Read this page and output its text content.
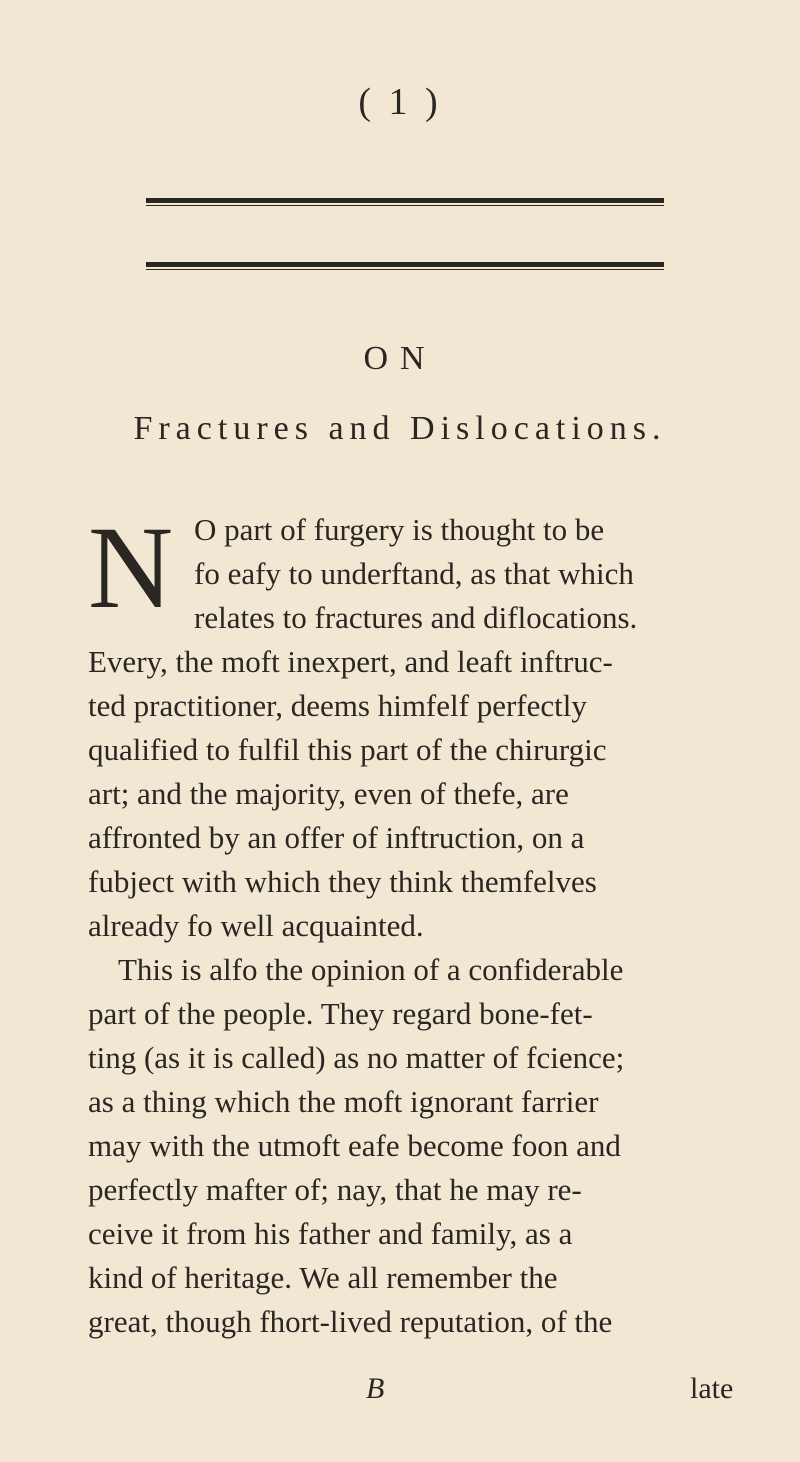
( 1 )
ON
Fractures and Dislocations.
N O part of furgery is thought to be
fo eafy to underftand, as that which
relates to fractures and diflocations.
Every, the moft inexpert, and leaft inftruc-
ted practitioner, deems himfelf perfectly
qualified to fulfil this part of the chirurgic
art; and the majority, even of thefe, are
affronted by an offer of inftruction, on a
fubject with which they think themfelves
already fo well acquainted.
This is alfo the opinion of a confiderable
part of the people. They regard bone-fet-
ting (as it is called) as no matter of fcience;
as a thing which the moft ignorant farrier
may with the utmoft eafe become foon and
perfectly mafter of; nay, that he may re-
ceive it from his father and family, as a
kind of heritage. We all remember the
great, though fhort-lived reputation, of the
B	late
